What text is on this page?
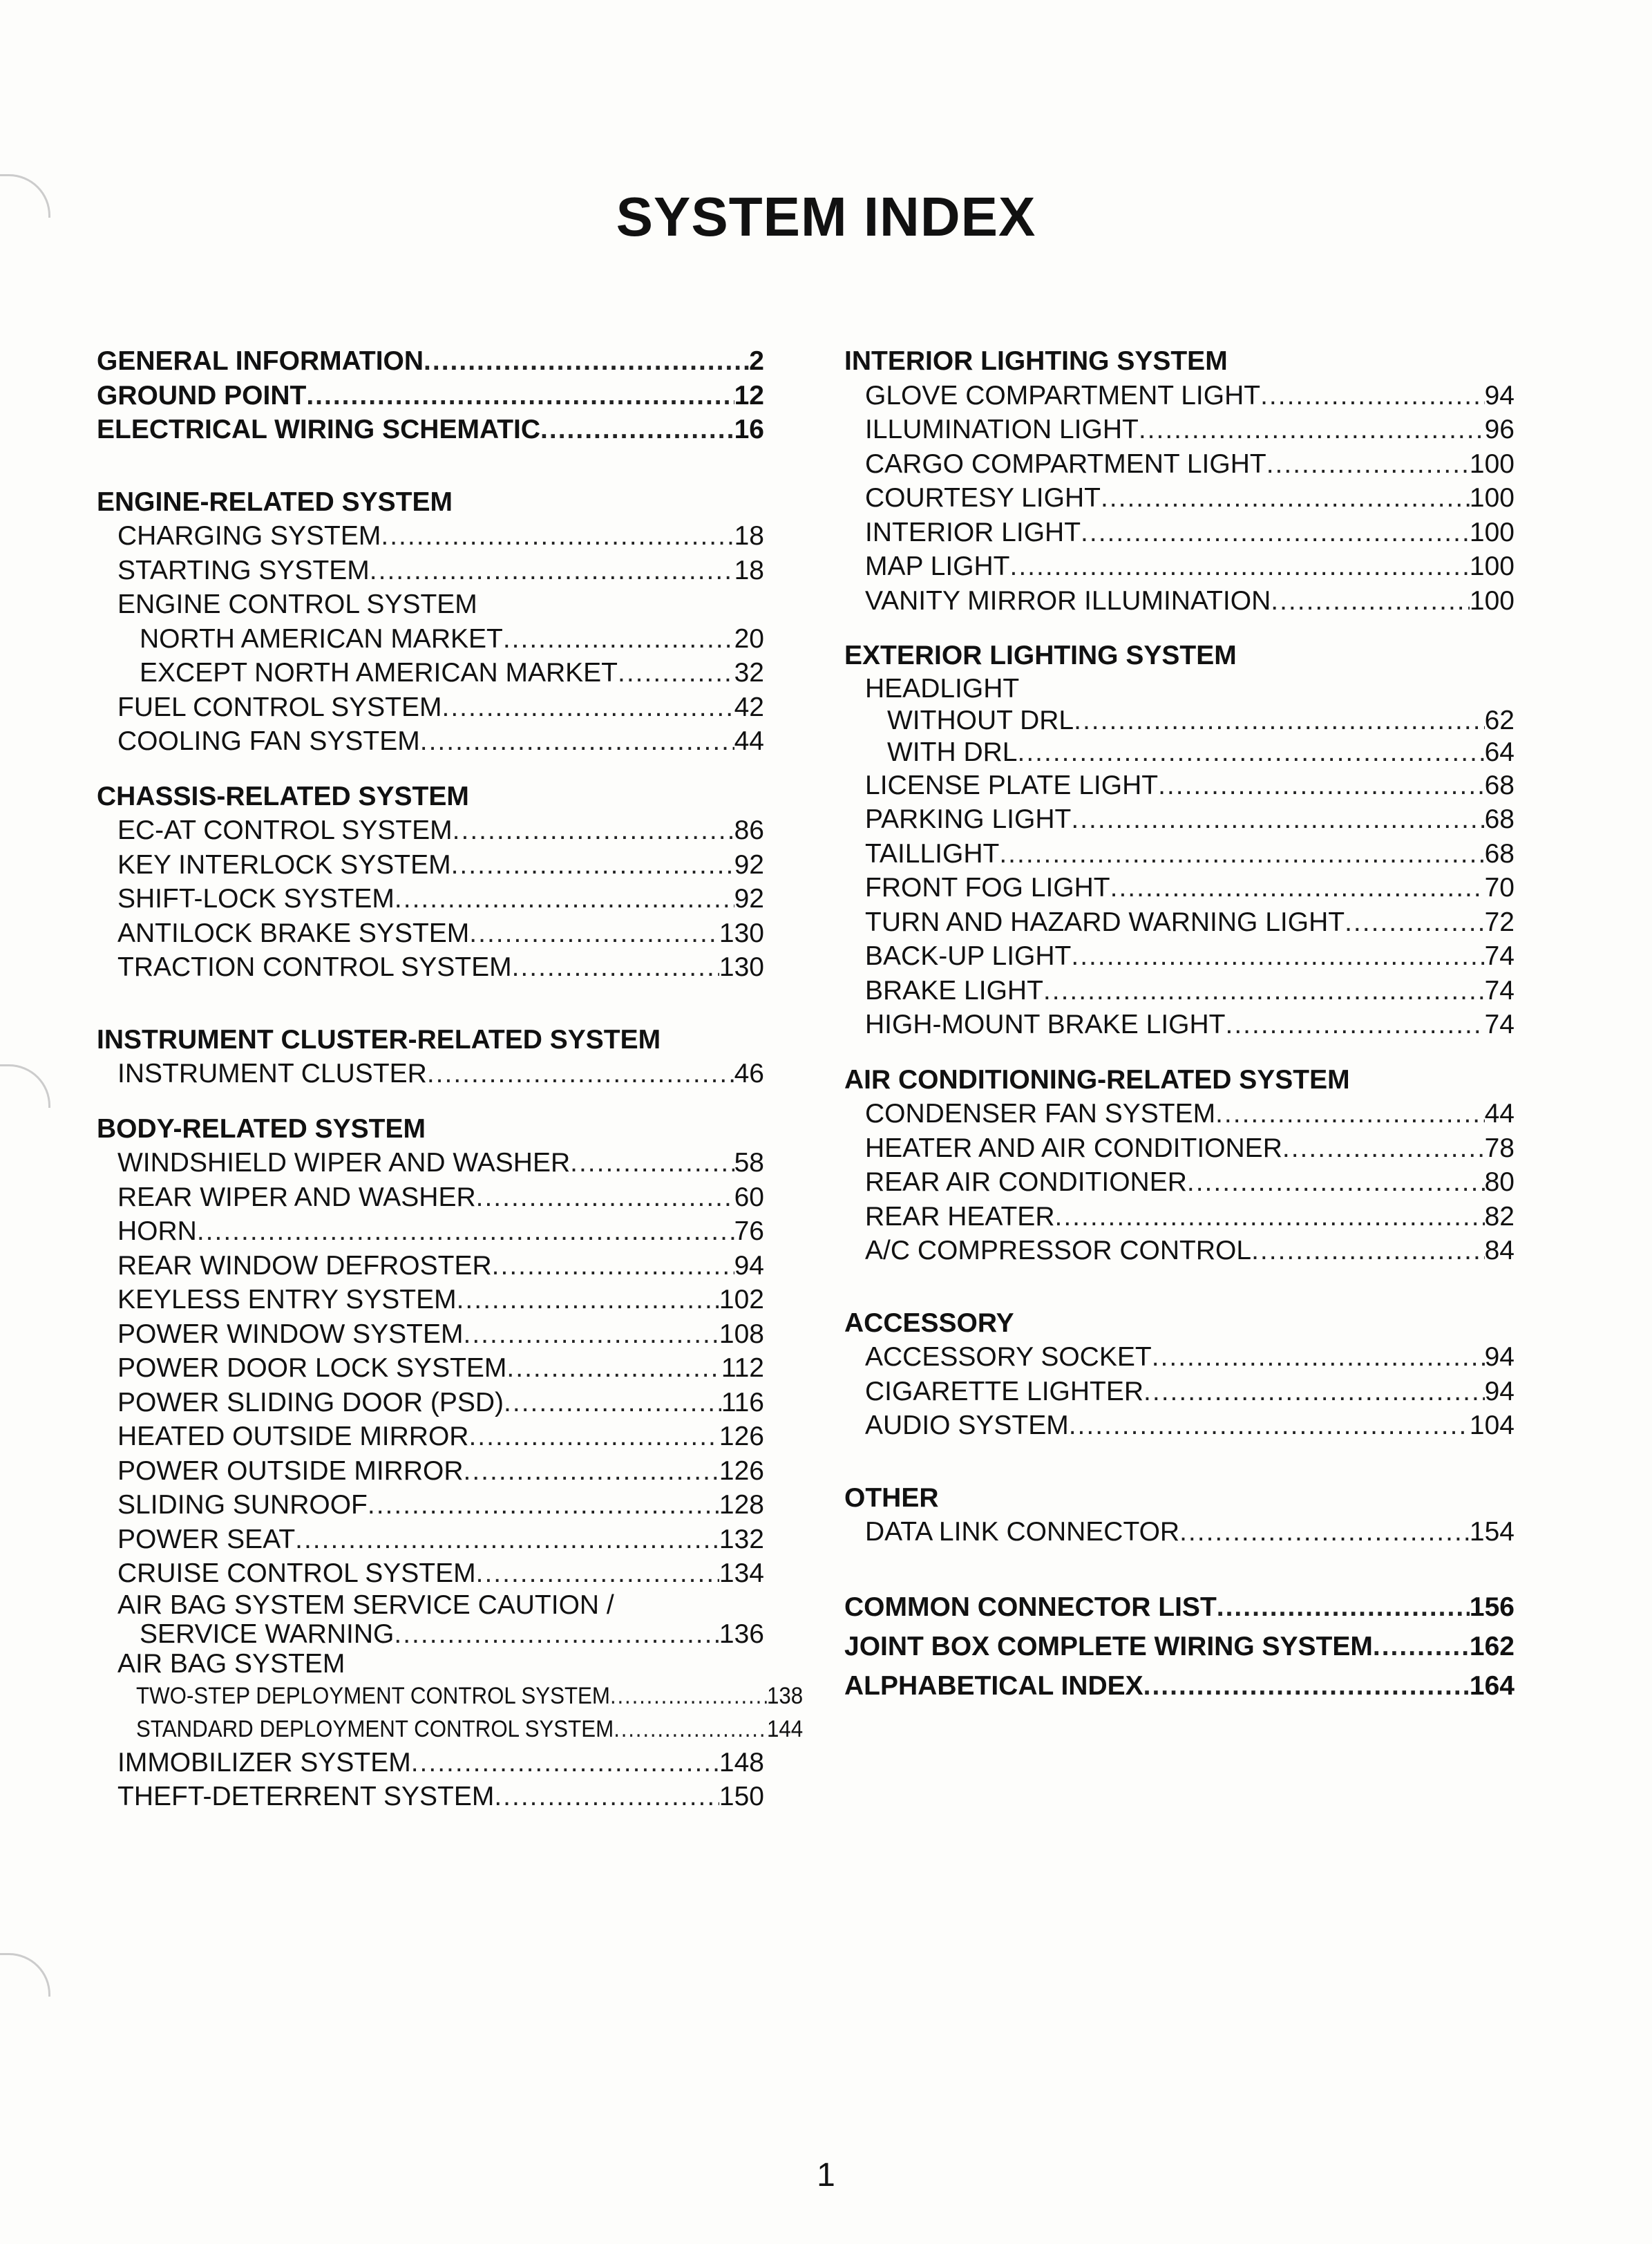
SYSTEM INDEX
GENERAL INFORMATION .....	2
GROUND POINT .....	12
ELECTRICAL WIRING SCHEMATIC .....	16
ENGINE-RELATED SYSTEM
CHARGING SYSTEM .....	18
STARTING SYSTEM .....	18
ENGINE CONTROL SYSTEM
NORTH AMERICAN MARKET .....	20
EXCEPT NORTH AMERICAN MARKET .....	32
FUEL CONTROL SYSTEM .....	42
COOLING FAN SYSTEM .....	44
CHASSIS-RELATED SYSTEM
EC-AT CONTROL SYSTEM .....	86
KEY INTERLOCK SYSTEM .....	92
SHIFT-LOCK SYSTEM .....	92
ANTILOCK BRAKE SYSTEM .....	130
TRACTION CONTROL SYSTEM .....	130
INSTRUMENT CLUSTER-RELATED SYSTEM
INSTRUMENT CLUSTER .....	46
BODY-RELATED SYSTEM
WINDSHIELD WIPER AND WASHER .....	58
REAR WIPER AND WASHER .....	60
HORN .....	76
REAR WINDOW DEFROSTER .....	94
KEYLESS ENTRY SYSTEM .....	102
POWER WINDOW SYSTEM .....	108
POWER DOOR LOCK SYSTEM .....	112
POWER SLIDING DOOR (PSD) .....	116
HEATED OUTSIDE MIRROR .....	126
POWER OUTSIDE MIRROR .....	126
SLIDING SUNROOF .....	128
POWER SEAT .....	132
CRUISE CONTROL SYSTEM .....	134
AIR BAG SYSTEM SERVICE CAUTION /
SERVICE WARNING .....	136
AIR BAG SYSTEM
TWO-STEP DEPLOYMENT CONTROL SYSTEM .....	138
STANDARD DEPLOYMENT CONTROL SYSTEM .....	144
IMMOBILIZER SYSTEM .....	148
THEFT-DETERRENT SYSTEM .....	150
INTERIOR LIGHTING SYSTEM
GLOVE COMPARTMENT LIGHT .....	94
ILLUMINATION LIGHT .....	96
CARGO COMPARTMENT LIGHT .....	100
COURTESY LIGHT .....	100
INTERIOR LIGHT .....	100
MAP LIGHT .....	100
VANITY MIRROR ILLUMINATION .....	100
EXTERIOR LIGHTING SYSTEM
HEADLIGHT
WITHOUT DRL .....	62
WITH DRL .....	64
LICENSE PLATE LIGHT .....	68
PARKING LIGHT .....	68
TAILLIGHT .....	68
FRONT FOG LIGHT .....	70
TURN AND HAZARD WARNING LIGHT .....	72
BACK-UP LIGHT .....	74
BRAKE LIGHT .....	74
HIGH-MOUNT BRAKE LIGHT .....	74
AIR CONDITIONING-RELATED SYSTEM
CONDENSER FAN SYSTEM .....	44
HEATER AND AIR CONDITIONER .....	78
REAR AIR CONDITIONER .....	80
REAR HEATER .....	82
A/C COMPRESSOR CONTROL .....	84
ACCESSORY
ACCESSORY SOCKET .....	94
CIGARETTE LIGHTER .....	94
AUDIO SYSTEM .....	104
OTHER
DATA LINK CONNECTOR .....	154
COMMON CONNECTOR LIST .....	156
JOINT BOX COMPLETE WIRING SYSTEM .....	162
ALPHABETICAL INDEX .....	164
1
